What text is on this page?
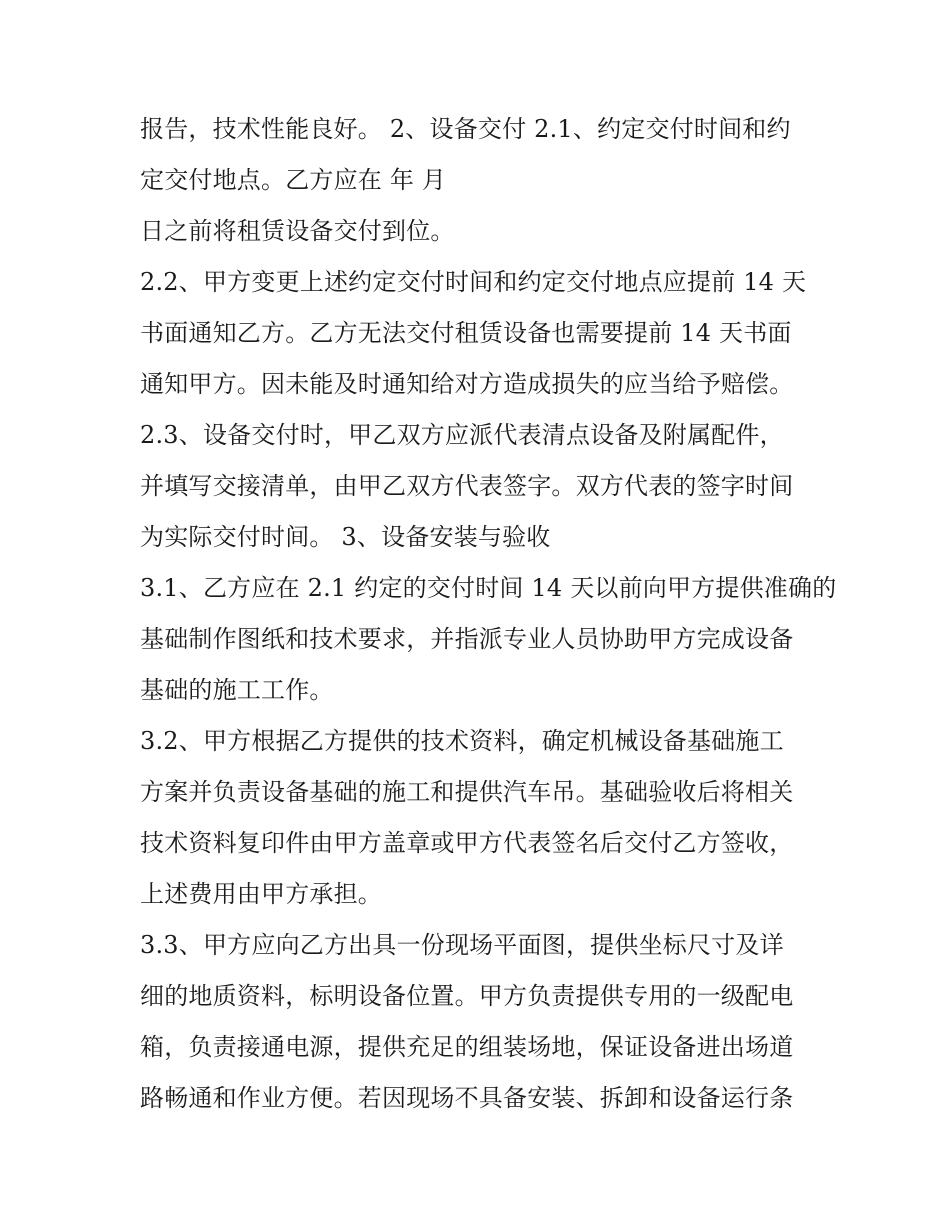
报告，技术性能良好。 2、设备交付 2.1、约定交付时间和约
定交付地点。乙方应在 年 月
日之前将租赁设备交付到位。
2.2、甲方变更上述约定交付时间和约定交付地点应提前 14 天
书面通知乙方。乙方无法交付租赁设备也需要提前 14 天书面
通知甲方。因未能及时通知给对方造成损失的应当给予赔偿。
2.3、设备交付时，甲乙双方应派代表清点设备及附属配件，
并填写交接清单，由甲乙双方代表签字。双方代表的签字时间
为实际交付时间。 3、设备安装与验收
3.1、乙方应在 2.1 约定的交付时间 14 天以前向甲方提供准确的
基础制作图纸和技术要求，并指派专业人员协助甲方完成设备
基础的施工工作。
3.2、甲方根据乙方提供的技术资料，确定机械设备基础施工
方案并负责设备基础的施工和提供汽车吊。基础验收后将相关
技术资料复印件由甲方盖章或甲方代表签名后交付乙方签收，
上述费用由甲方承担。
3.3、甲方应向乙方出具一份现场平面图，提供坐标尺寸及详
细的地质资料，标明设备位置。甲方负责提供专用的一级配电
箱，负责接通电源，提供充足的组装场地，保证设备进出场道
路畅通和作业方便。若因现场不具备安装、拆卸和设备运行条
